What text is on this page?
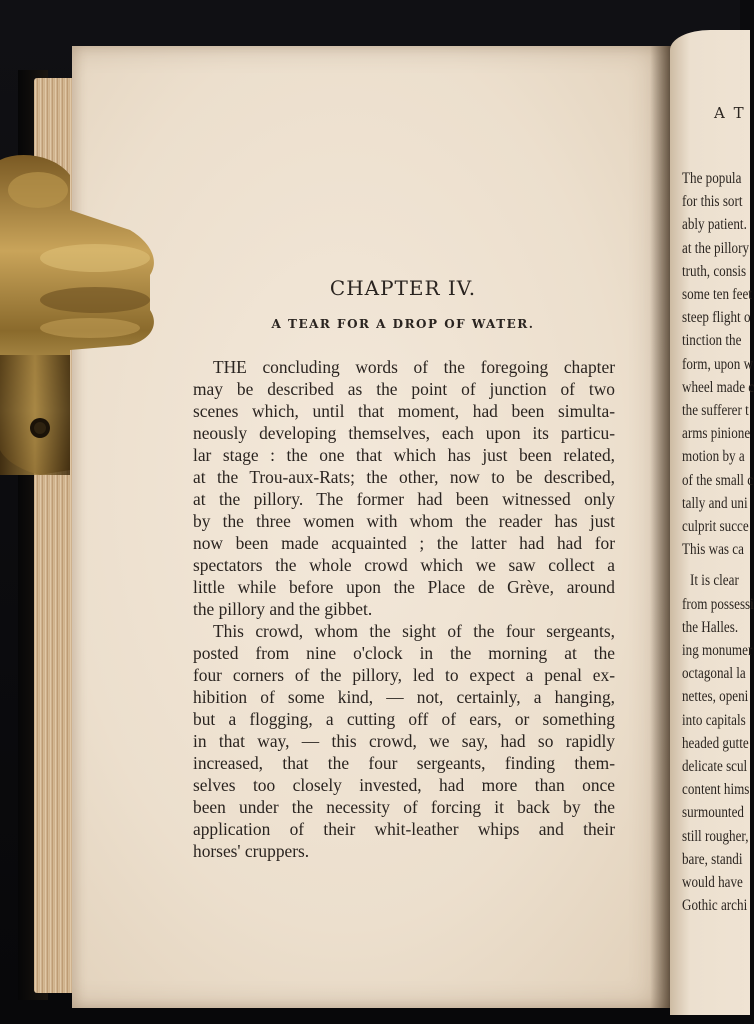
A T
The popula
for this sort
ably patient.
at the pillory
truth, consis
some ten feet
steep flight o
tinction the
form, upon w
wheel made c
the sufferer t
arms pinione
motion by a
of the small c
tally and uni
culprit succe
This was ca
It is clear
from possessi
the Halles.
ing monumer
octagonal la
nettes, openi
into capitals
headed gutte
delicate scul
content hims
surmounted
still rougher,
bare, standi
would have
Gothic archi
CHAPTER IV.
A TEAR FOR A DROP OF WATER.
THE concluding words of the foregoing chapter
may be described as the point of junction of two
scenes which, until that moment, had been simulta-
neously developing themselves, each upon its particu-
lar stage : the one that which has just been related,
at the Trou-aux-Rats; the other, now to be described,
at the pillory. The former had been witnessed only
by the three women with whom the reader has just
now been made acquainted ; the latter had had for
spectators the whole crowd which we saw collect a
little while before upon the Place de Grève, around
the pillory and the gibbet.
This crowd, whom the sight of the four sergeants,
posted from nine o'clock in the morning at the
four corners of the pillory, led to expect a penal ex-
hibition of some kind, — not, certainly, a hanging,
but a flogging, a cutting off of ears, or something
in that way, — this crowd, we say, had so rapidly
increased, that the four sergeants, finding them-
selves too closely invested, had more than once
been under the necessity of forcing it back by the
application of their whit-leather whips and their
horses' cruppers.
